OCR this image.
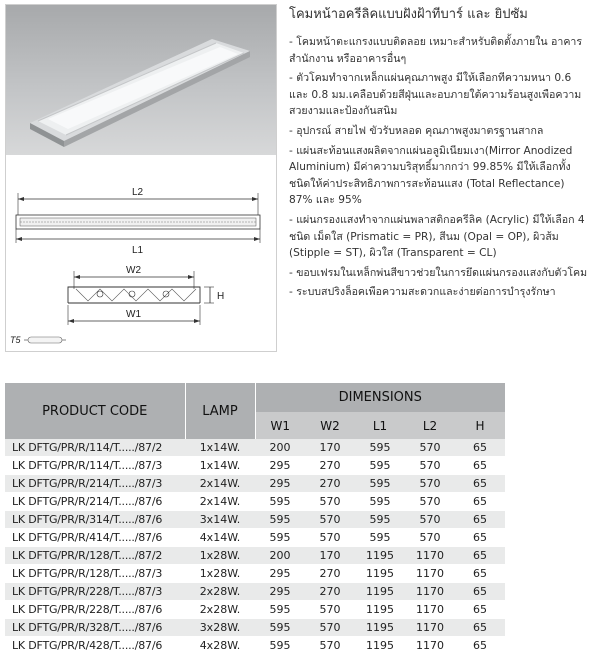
L2
L1
W2
H
W1
T5
โคมหน้าอครีลิคแบบฝังฝ้าทีบาร์ และ ยิปซัม

- โคมหน้าตะแกรงแบบติดลอย เหมาะสำหรับติดตั้งภายใน อาคารสำนักงาน หรืออาคารอื่นๆ

- ตัวโคมทำจากเหล็กแผ่นคุณภาพสูง มีให้เลือกทีความหนา 0.6 และ 0.8 มม.เคลือบด้วยสีฝุ่นและอบภายใต้ความร้อนสูงเพือความสวยงามและป้องกันสนิม

- อุปกรณ์ สายไฟ ขัวรับหลอด คุณภาพสูงมาตรฐานสากล

- แผ่นสะท้อนแสงผลิตจากแผ่นอลูมิเนียมเงา(Mirror Anodized Aluminium) มีค่าความบริสุทธิ์มากกว่า 99.85% มีให้เลือกทั้งชนิดให้ค่าประสิทธิภาพการสะท้อนแสง (Total Reflectance) 87% และ 95%

- แผ่นกรองแสงทำจากแผ่นพลาสติกอครีลิค (Acrylic) มีให้เลือก 4 ชนิด เม็ดใส (Prismatic = PR), สีนม (Opal = OP), ผิวส้ม (Stipple = ST), ผิวใส (Transparent = CL)

- ขอบเฟรมในเหล็กพ่นสีขาวช่วยในการยึดแผ่นกรองแสงกับตัวโคม

- ระบบสปริงล็อคเพือความสะดวกและง่ายต่อการบำรุงรักษา

PRODUCT CODE	LAMP	DIMENSIONS				
		W1	W2	L1	L2	H
LK DFTG/PR/R/114/T...../87/2	1x14W.	200	170	595	570	65
LK DFTG/PR/R/114/T...../87/3	1x14W.	295	270	595	570	65
LK DFTG/PR/R/214/T...../87/3	2x14W.	295	270	595	570	65
LK DFTG/PR/R/214/T...../87/6	2x14W.	595	570	595	570	65
LK DFTG/PR/R/314/T...../87/6	3x14W.	595	570	595	570	65
LK DFTG/PR/R/414/T...../87/6	4x14W.	595	570	595	570	65
LK DFTG/PR/R/128/T...../87/2	1x28W.	200	170	1195	1170	65
LK DFTG/PR/R/128/T...../87/3	1x28W.	295	270	1195	1170	65
LK DFTG/PR/R/228/T...../87/3	2x28W.	295	270	1195	1170	65
LK DFTG/PR/R/228/T...../87/6	2x28W.	595	570	1195	1170	65
LK DFTG/PR/R/328/T...../87/6	3x28W.	595	570	1195	1170	65
LK DFTG/PR/R/428/T...../87/6	4x28W.	595	570	1195	1170	65
